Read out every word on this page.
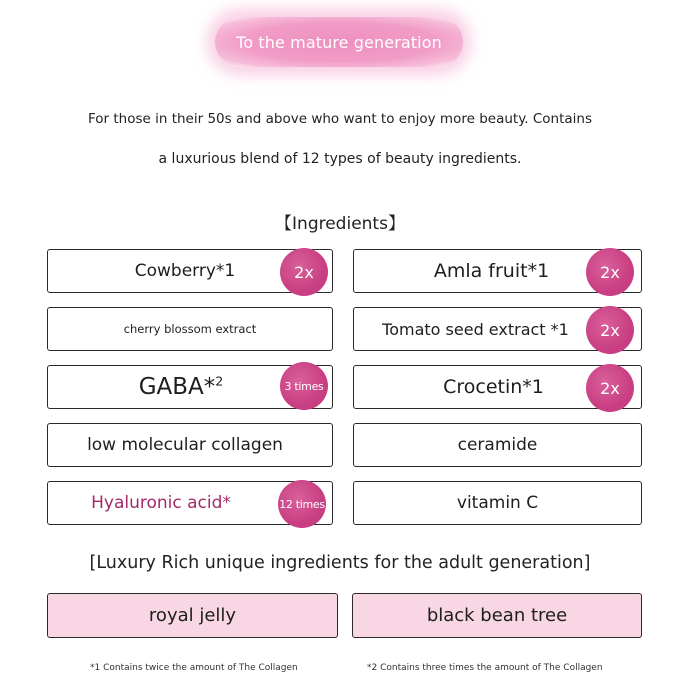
To the mature generation
For those in their 50s and above who want to enjoy more beauty. Contains
a luxurious blend of 12 types of beauty ingredients.
【Ingredients】
Cowberry*1	2x
cherry blossom extract
GABA*$^2$	3 times
low molecular collagen
Hyaluronic acid*	12 times
Amla fruit*1	2x
Tomato seed extract *1	2x
Crocetin*1	2x
ceramide
vitamin C
[Luxury Rich unique ingredients for the adult generation]
royal jelly	black bean tree
*1 Contains twice the amount of The Collagen	*2 Contains three times the amount of The Collagen
